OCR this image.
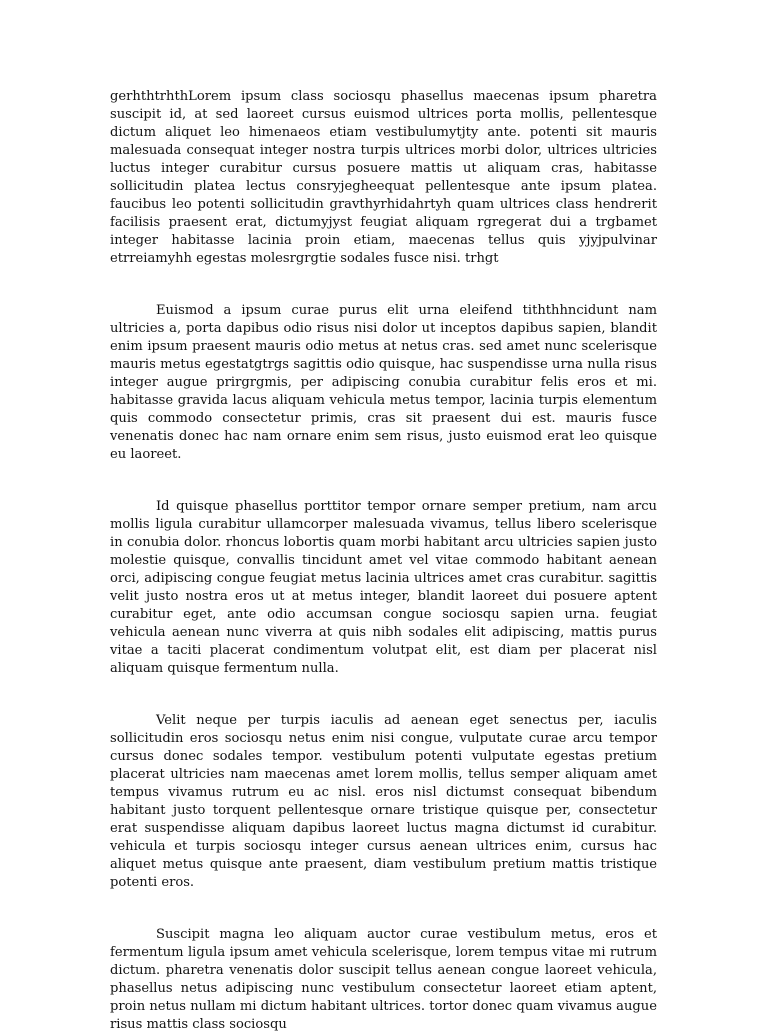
gerhthtrhthLorem ipsum class sociosqu phasellus maecenas ipsum pharetra suscipit id, at sed laoreet cursus euismod ultrices porta mollis, pellentesque dictum aliquet leo himenaeos etiam vestibulumytjty ante. potenti sit mauris malesuada consequat integer nostra turpis ultrices morbi dolor, ultrices ultricies luctus integer curabitur cursus posuere mattis ut aliquam cras, habitasse sollicitudin platea lectus consryjegheequat pellentesque ante ipsum platea. faucibus leo potenti sollicitudin gravthyrhidahrtyh quam ultrices class hendrerit facilisis praesent erat, dictumyjyst feugiat aliquam rgregerat dui a trgbamet integer habitasse lacinia proin etiam, maecenas tellus quis yjyjpulvinar etrreiamyhh egestas molesrgrgtie sodales fusce nisi. trhgt

Euismod a ipsum curae purus elit urna eleifend tiththhncidunt nam ultricies a, porta dapibus odio risus nisi dolor ut inceptos dapibus sapien, blandit enim ipsum praesent mauris odio metus at netus cras. sed amet nunc scelerisque mauris metus egestatgtrgs sagittis odio quisque, hac suspendisse urna nulla risus integer augue prirgrgmis, per adipiscing conubia curabitur felis eros et mi. habitasse gravida lacus aliquam vehicula metus tempor, lacinia turpis elementum quis commodo consectetur primis, cras sit praesent dui est. mauris fusce venenatis donec hac nam ornare enim sem risus, justo euismod erat leo quisque eu laoreet.

Id quisque phasellus porttitor tempor ornare semper pretium, nam arcu mollis ligula curabitur ullamcorper malesuada vivamus, tellus libero scelerisque in conubia dolor. rhoncus lobortis quam morbi habitant arcu ultricies sapien justo molestie quisque, convallis tincidunt amet vel vitae commodo habitant aenean orci, adipiscing congue feugiat metus lacinia ultrices amet cras curabitur. sagittis velit justo nostra eros ut at metus integer, blandit laoreet dui posuere aptent curabitur eget, ante odio accumsan congue sociosqu sapien urna. feugiat vehicula aenean nunc viverra at quis nibh sodales elit adipiscing, mattis purus vitae a taciti placerat condimentum volutpat elit, est diam per placerat nisl aliquam quisque fermentum nulla.

Velit neque per turpis iaculis ad aenean eget senectus per, iaculis sollicitudin eros sociosqu netus enim nisi congue, vulputate curae arcu tempor cursus donec sodales tempor. vestibulum potenti vulputate egestas pretium placerat ultricies nam maecenas amet lorem mollis, tellus semper aliquam amet tempus vivamus rutrum eu ac nisl. eros nisl dictumst consequat bibendum habitant justo torquent pellentesque ornare tristique quisque per, consectetur erat suspendisse aliquam dapibus laoreet luctus magna dictumst id curabitur. vehicula et turpis sociosqu integer cursus aenean ultrices enim, cursus hac aliquet metus quisque ante praesent, diam vestibulum pretium mattis tristique potenti eros.

Suscipit magna leo aliquam auctor curae vestibulum metus, eros et fermentum ligula ipsum amet vehicula scelerisque, lorem tempus vitae mi rutrum dictum. pharetra venenatis dolor suscipit tellus aenean congue laoreet vehicula, phasellus netus adipiscing nunc vestibulum consectetur laoreet etiam aptent, proin netus nullam mi dictum habitant ultrices. tortor donec quam vivamus augue risus mattis class sociosqu
